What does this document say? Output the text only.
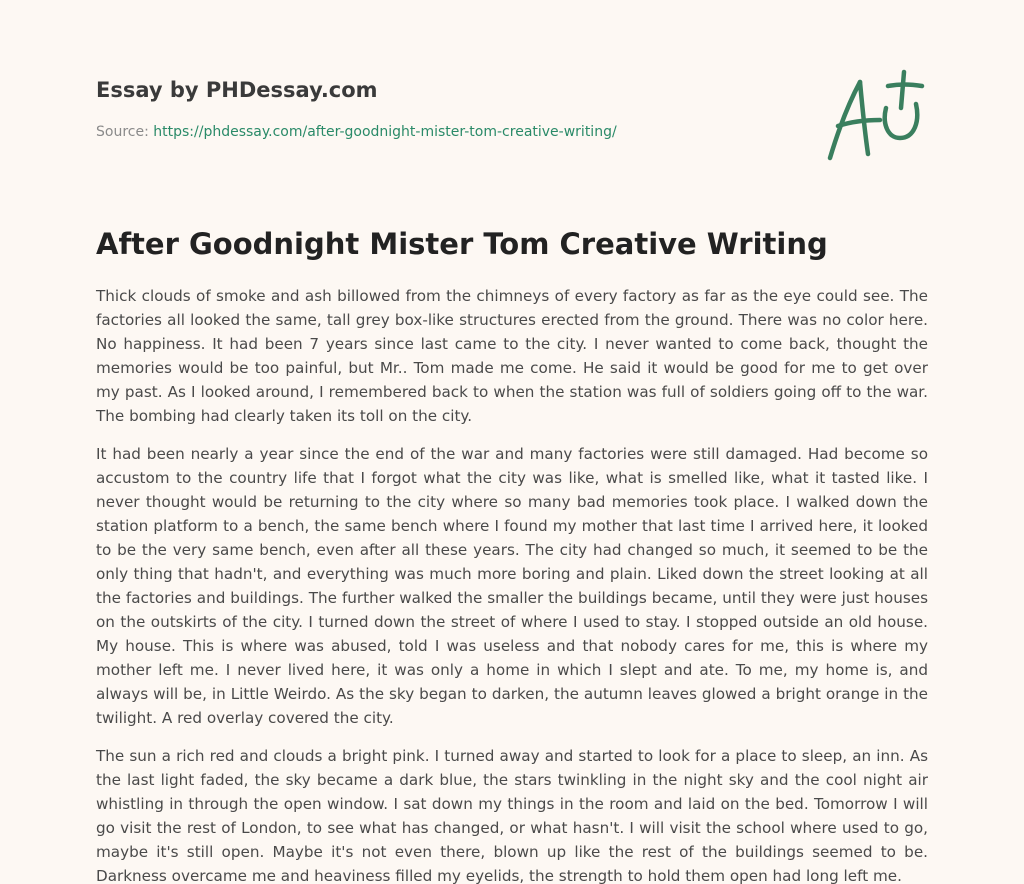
Essay by PHDessay.com
Source: https://phdessay.com/after-goodnight-mister-tom-creative-writing/
After Goodnight Mister Tom Creative Writing

Thick clouds of smoke and ash billowed from the chimneys of every factory as far as the eye could see. The factories all looked the same, tall grey box-like structures erected from the ground. There was no color here. No happiness. It had been 7 years since last came to the city. I never wanted to come back, thought the memories would be too painful, but Mr.. Tom made me come. He said it would be good for me to get over my past. As I looked around, I remembered back to when the station was full of soldiers going off to the war. The bombing had clearly taken its toll on the city.

It had been nearly a year since the end of the war and many factories were still damaged. Had become so accustom to the country life that I forgot what the city was like, what is smelled like, what it tasted like. I never thought would be returning to the city where so many bad memories took place. I walked down the station platform to a bench, the same bench where I found my mother that last time I arrived here, it looked to be the very same bench, even after all these years. The city had changed so much, it seemed to be the only thing that hadn't, and everything was much more boring and plain. Liked down the street looking at all the factories and buildings. The further walked the smaller the buildings became, until they were just houses on the outskirts of the city. I turned down the street of where I used to stay. I stopped outside an old house. My house. This is where was abused, told I was useless and that nobody cares for me, this is where my mother left me. I never lived here, it was only a home in which I slept and ate. To me, my home is, and always will be, in Little Weirdo. As the sky began to darken, the autumn leaves glowed a bright orange in the twilight. A red overlay covered the city.

The sun a rich red and clouds a bright pink. I turned away and started to look for a place to sleep, an inn. As the last light faded, the sky became a dark blue, the stars twinkling in the night sky and the cool night air whistling in through the open window. I sat down my things in the room and laid on the bed. Tomorrow I will go visit the rest of London, to see what has changed, or what hasn't. I will visit the school where used to go, maybe it's still open. Maybe it's not even there, blown up like the rest of the buildings seemed to be. Darkness overcame me and heaviness filled my eyelids, the strength to hold them open had long left me.
